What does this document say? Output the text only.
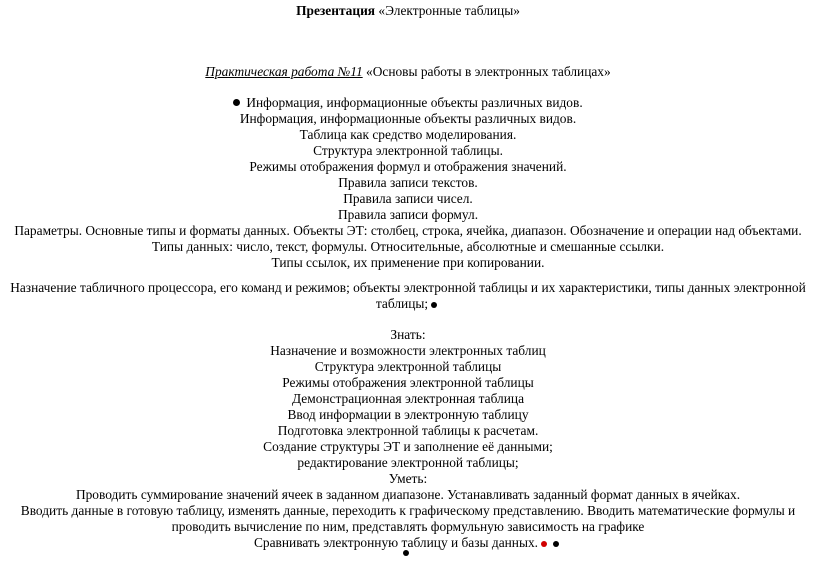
Презентация «Электронные таблицы»
Практическая работа №11 «Основы работы в электронных таблицах»
Информация, информационные объекты различных видов.
Информация, информационные объекты различных видов.
Таблица как средство моделирования.
Структура электронной таблицы.
Режимы отображения формул и отображения значений.
Правила записи текстов.
Правила записи чисел.
Правила записи формул.
Параметры. Основные типы и форматы данных. Объекты ЭТ: столбец, строка, ячейка, диапазон. Обозначение и операции над объектами.
Типы данных: число, текст, формулы. Относительные, абсолютные и смешанные ссылки.
Типы ссылок, их применение при копировании.
Назначение табличного процессора, его команд и режимов; объекты электронной таблицы и их характеристики, типы данных электронной
таблицы;
Знать:
Назначение и возможности электронных таблиц
Структура электронной таблицы
Режимы отображения электронной таблицы
Демонстрационная электронная таблица
Ввод информации в электронную таблицу
Подготовка электронной таблицы к расчетам.
Создание структуры ЭТ и заполнение её данными;
редактирование электронной таблицы;
Уметь:
Проводить суммирование значений ячеек в заданном диапазоне. Устанавливать заданный формат данных в ячейках.
Вводить данные в готовую таблицу, изменять данные, переходить к графическому представлению. Вводить математические формулы и
проводить вычисление по ним, представлять формульную зависимость на графике
Сравнивать электронную таблицу и базы данных.
